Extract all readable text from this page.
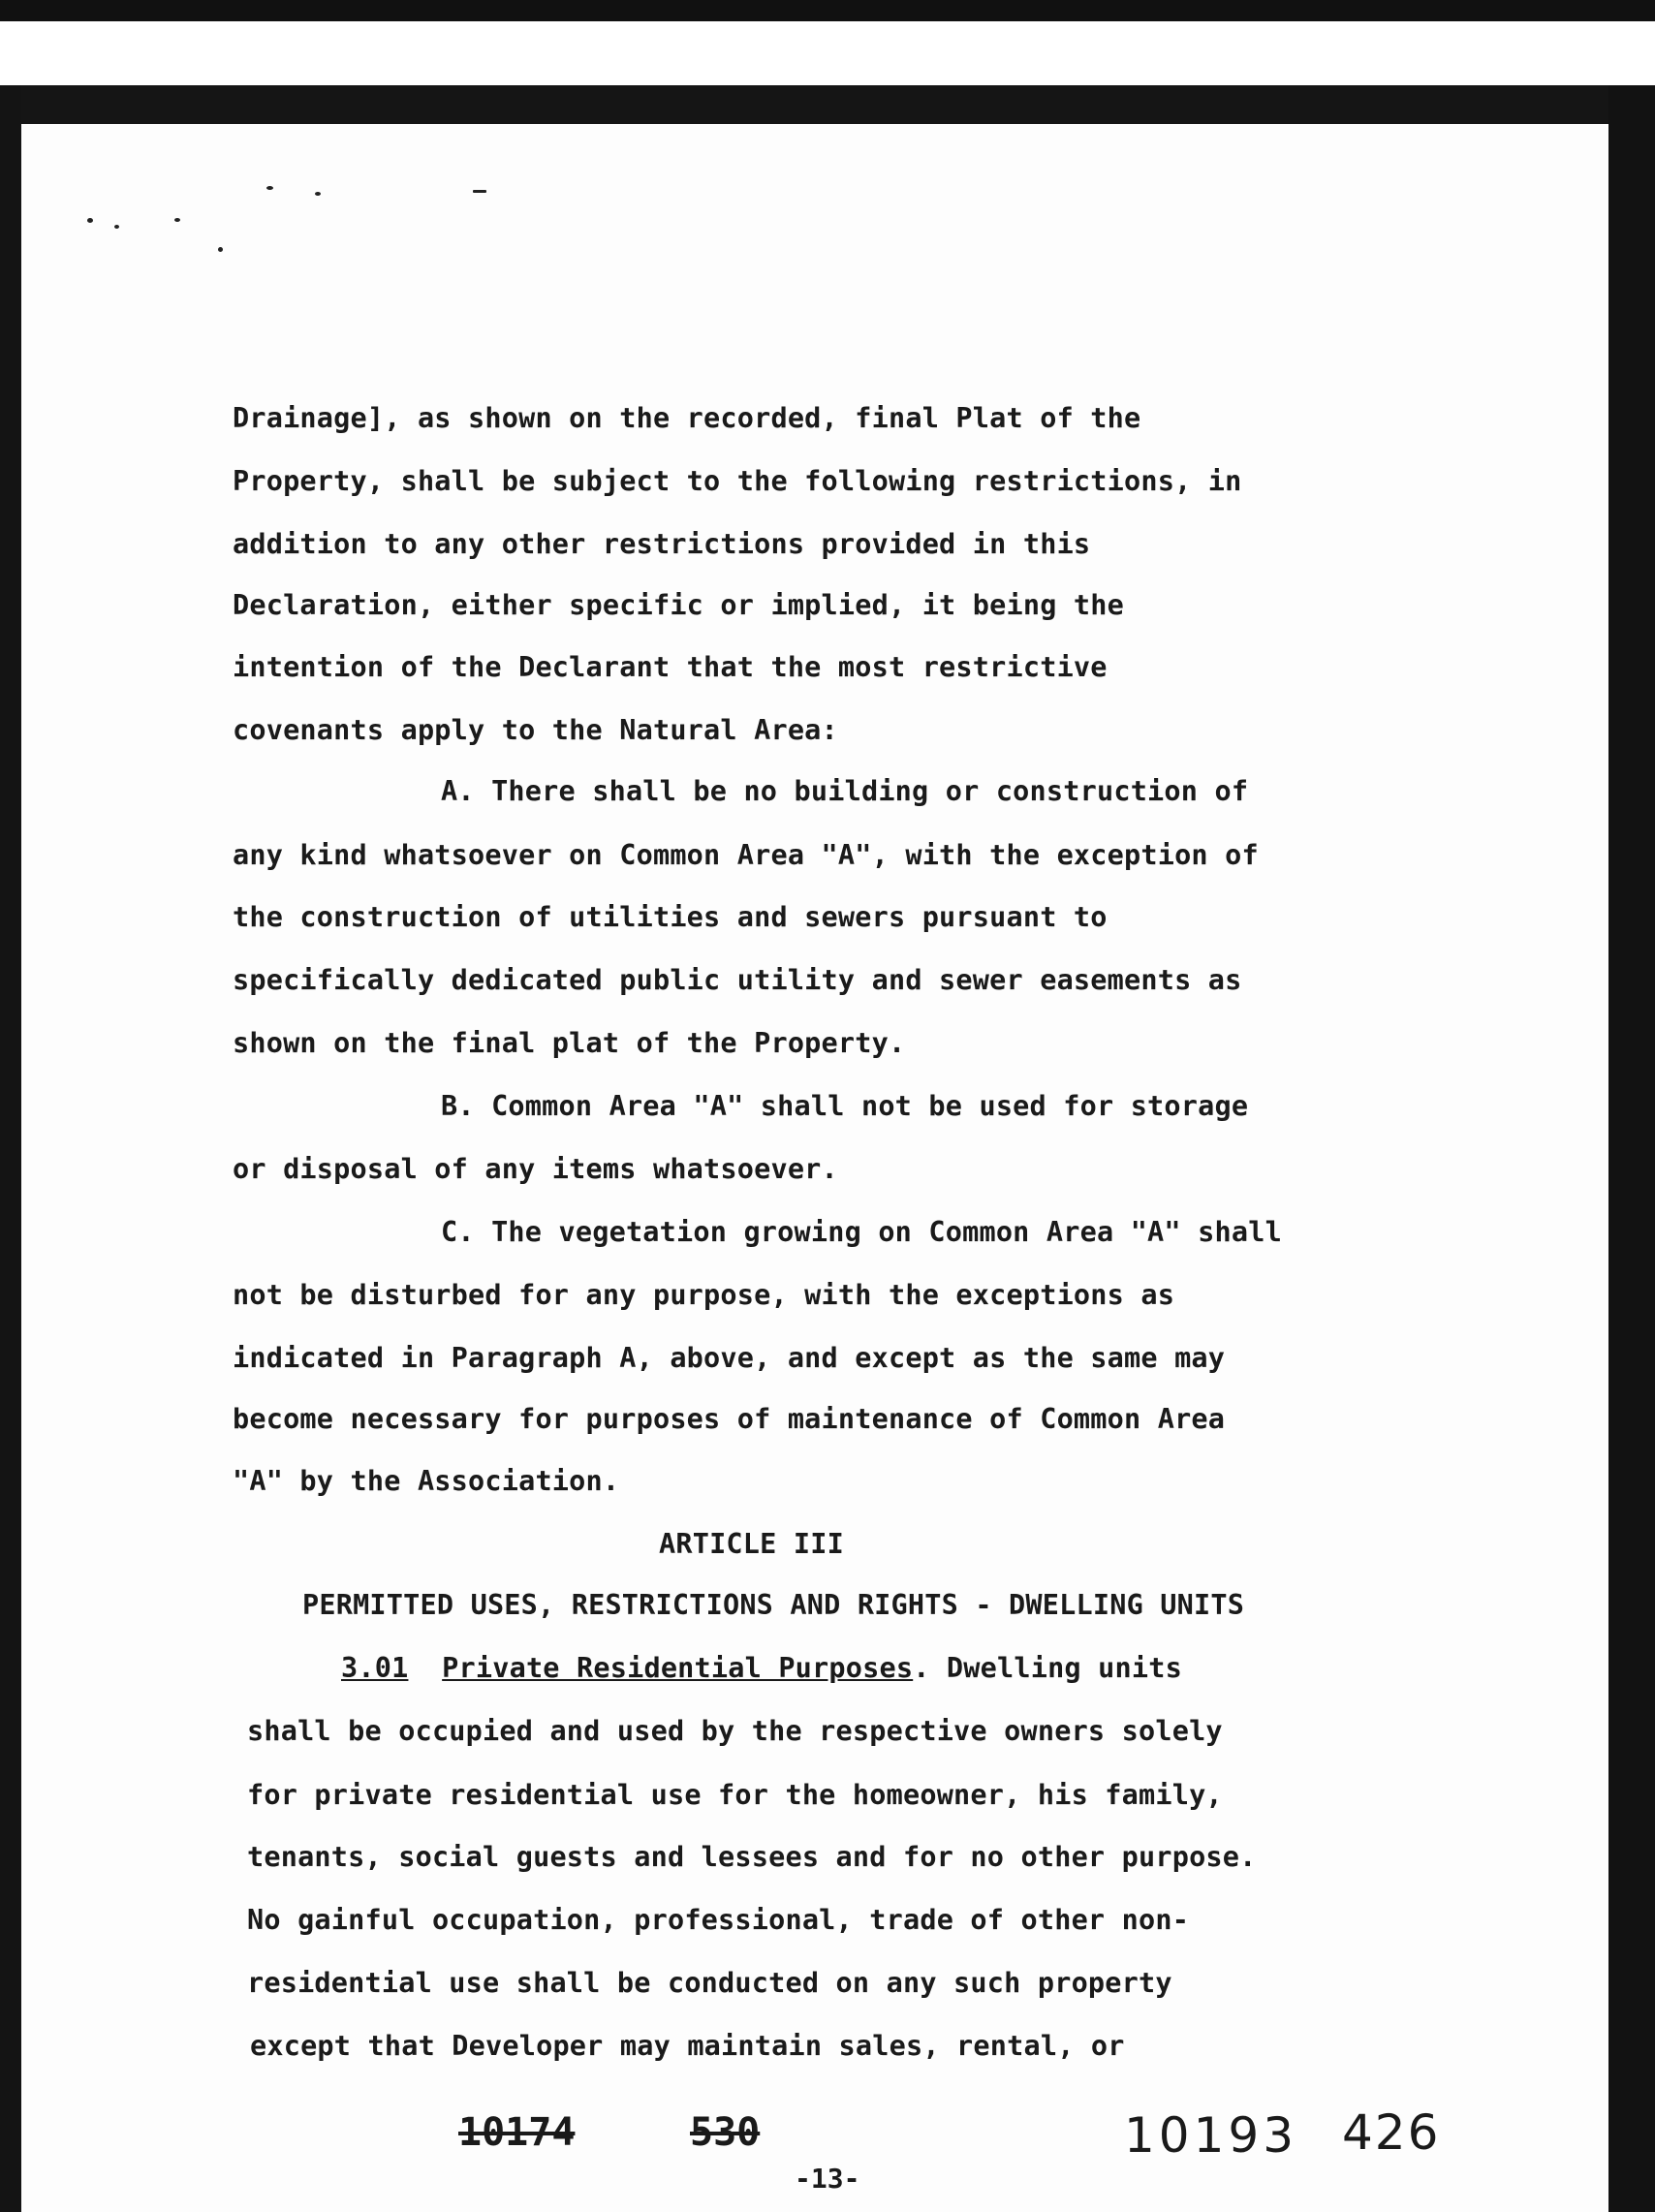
Drainage], as shown on the recorded, final Plat of the

Property, shall be subject to the following restrictions, in

addition to any other restrictions provided in this

Declaration, either specific or implied, it being the

intention of the Declarant that the most restrictive

covenants apply to the Natural Area:

A. There shall be no building or construction of

any kind whatsoever on Common Area "A", with the exception of

the construction of utilities and sewers pursuant to

specifically dedicated public utility and sewer easements as

shown on the final plat of the Property.

B. Common Area "A" shall not be used for storage

or disposal of any items whatsoever.

C. The vegetation growing on Common Area "A" shall

not be disturbed for any purpose, with the exceptions as

indicated in Paragraph A, above, and except as the same may

become necessary for purposes of maintenance of Common Area

"A" by the Association.

ARTICLE III

PERMITTED USES, RESTRICTIONS AND RIGHTS - DWELLING UNITS

3.01 Private Residential Purposes. Dwelling units

shall be occupied and used by the respective owners solely

for private residential use for the homeowner, his family,

tenants, social guests and lessees and for no other purpose.

No gainful occupation, professional, trade of other non-

residential use shall be conducted on any such property

except that Developer may maintain sales, rental, or

10174	530
-13-
10193 426
